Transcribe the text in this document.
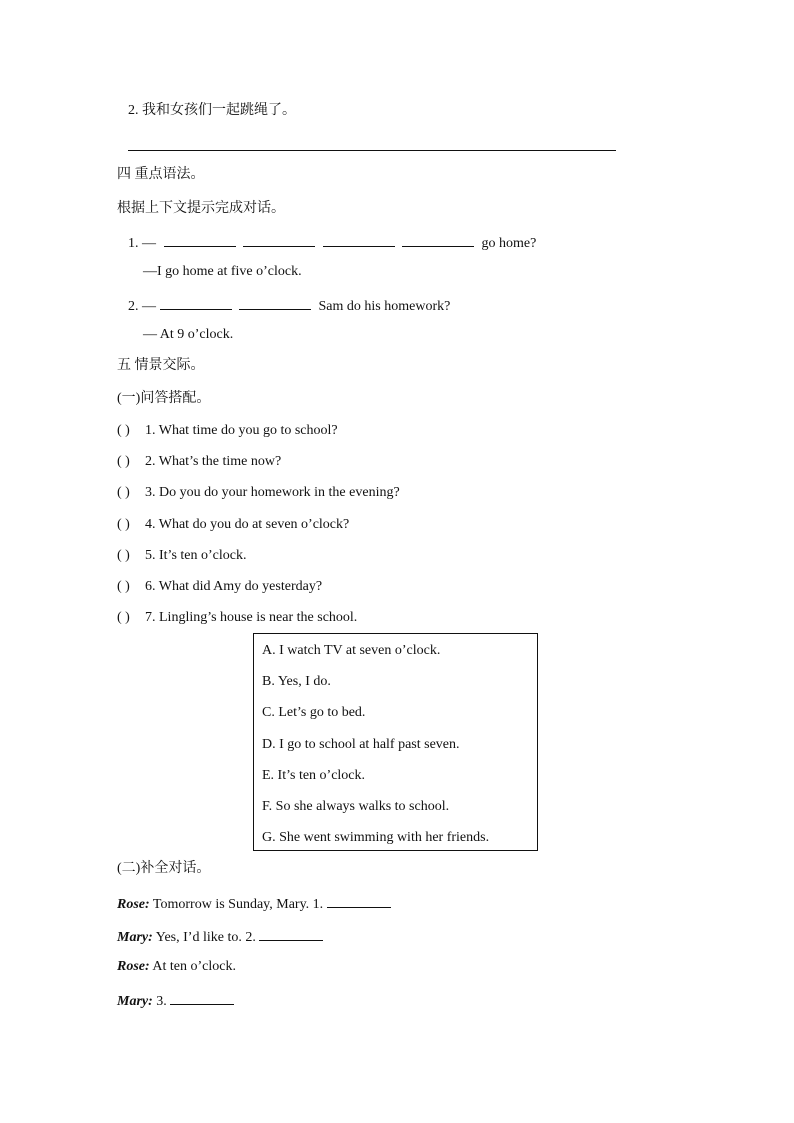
2. 我和女孩们一起跳绳了。
四 重点语法。
根据上下文提示完成对话。
1. —	go home?
—I go home at five o’clock.
2. —	Sam do his homework?
— At 9 o’clock.
五 情景交际。
(一)问答搭配。
( ) 1. What time do you go to school?
( ) 2. What’s the time now?
( ) 3. Do you do your homework in the evening?
( ) 4. What do you do at seven o’clock?
( ) 5. It’s ten o’clock.
( ) 6. What did Amy do yesterday?
( ) 7. Lingling’s house is near the school.
A. I watch TV at seven o’clock.
B. Yes, I do.
C. Let’s go to bed.
D. I go to school at half past seven.
E. It’s ten o’clock.
F. So she always walks to school.
G. She went swimming with her friends.
(二)补全对话。
Rose: Tomorrow is Sunday, Mary. 1.
Mary: Yes, I’d like to. 2.
Rose: At ten o’clock.
Mary: 3.
